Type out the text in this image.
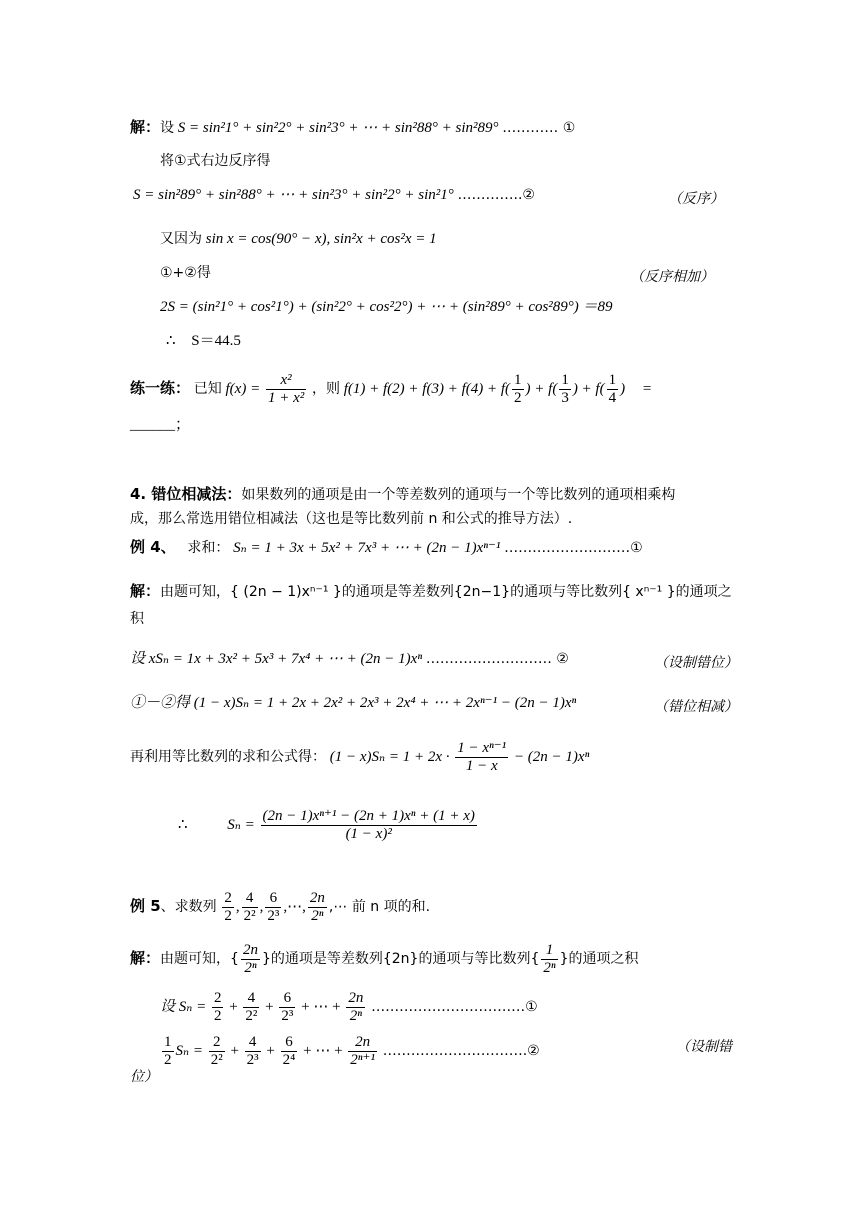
解：设 S = sin²1° + sin²2° + sin²3° + ⋯ + sin²88° + sin²89° ………… ①
将①式右边反序得
S = sin²89° + sin²88° + ⋯ + sin²3° + sin²2° + sin²1° …………..②	（反序）
又因为 sin x = cos(90° − x), sin²x + cos²x = 1
①+②得	（反序相加）
2S = (sin²1° + cos²1°) + (sin²2° + cos²2°) + ⋯ + (sin²89° + cos²89°) ＝89
∴ S＝44.5
练一练： 已知 $f(x) = \frac{\text{x²}}{\text{1 + x²}}$ ，则 $f(1) + f(2) + f(3) + f(4) + f( \frac{1}{2}$ ) + $f( \frac{1}{3}$ ) + $f( \frac{1}{4}$ ) =
______；
4. 错位相减法：如果数列的通项是由一个等差数列的通项与一个等比数列的通项相乘构
成，那么常选用错位相减法（这也是等比数列前 n 和公式的推导方法）.
例 4、 求和： Sₙ = 1 + 3x + 5x² + 7x³ + ⋯ + (2n − 1)xⁿ⁻¹ ………………………①
解：由题可知，{ (2n − 1)xⁿ⁻¹ }的通项是等差数列{2n−1}的通项与等比数列{ xⁿ⁻¹ }的通项之
积
设 xSₙ = 1x + 3x² + 5x³ + 7x⁴ + ⋯ + (2n − 1)xⁿ ……………………… ②	（设制错位）
①－②得 (1 − x)Sₙ = 1 + 2x + 2x² + 2x³ + 2x⁴ + ⋯ + 2xⁿ⁻¹ − (2n − 1)xⁿ	（错位相减）
再利用等比数列的求和公式得： $(1 - x)S_n = 1 + 2x \cdot \frac{\text{1 − xⁿ⁻¹}}{1 - x} - (2n - 1)x^n$
∴	$S_n = \frac{\text{(2n − 1)xⁿ⁺¹ − (2n + 1)xⁿ + (1 + x)}}{\text{(1 − x)²}}$
例 5、求数列 $\frac{2}{2}$ , $\frac{4}{\text{2²}}$ , $\frac{6}{\text{2³}}$ ,⋯, $\frac{2n}{\text{2ⁿ}}$ ,⋯ 前 n 项的和.
解：由题可知，{ $\frac{2n}{\text{2ⁿ}}$ }的通项是等差数列{2n}的通项与等比数列{ $\frac{1}{\text{2ⁿ}}$ }的通项之积
设 $S_n = \frac{2}{2} + \frac{4}{\text{2²}} + \frac{6}{\text{2³}}$ + ⋯ + $\frac{2n}{\text{2ⁿ}}$ ……………………………①
$\frac{1}{2}$ $S_n = \frac{2}{\text{2²}} + \frac{4}{\text{2³}} + \frac{6}{\text{2⁴}}$ + ⋯ + $\frac{2n}{\text{2ⁿ⁺¹}}$ ………………………….②	（设制错
位）
